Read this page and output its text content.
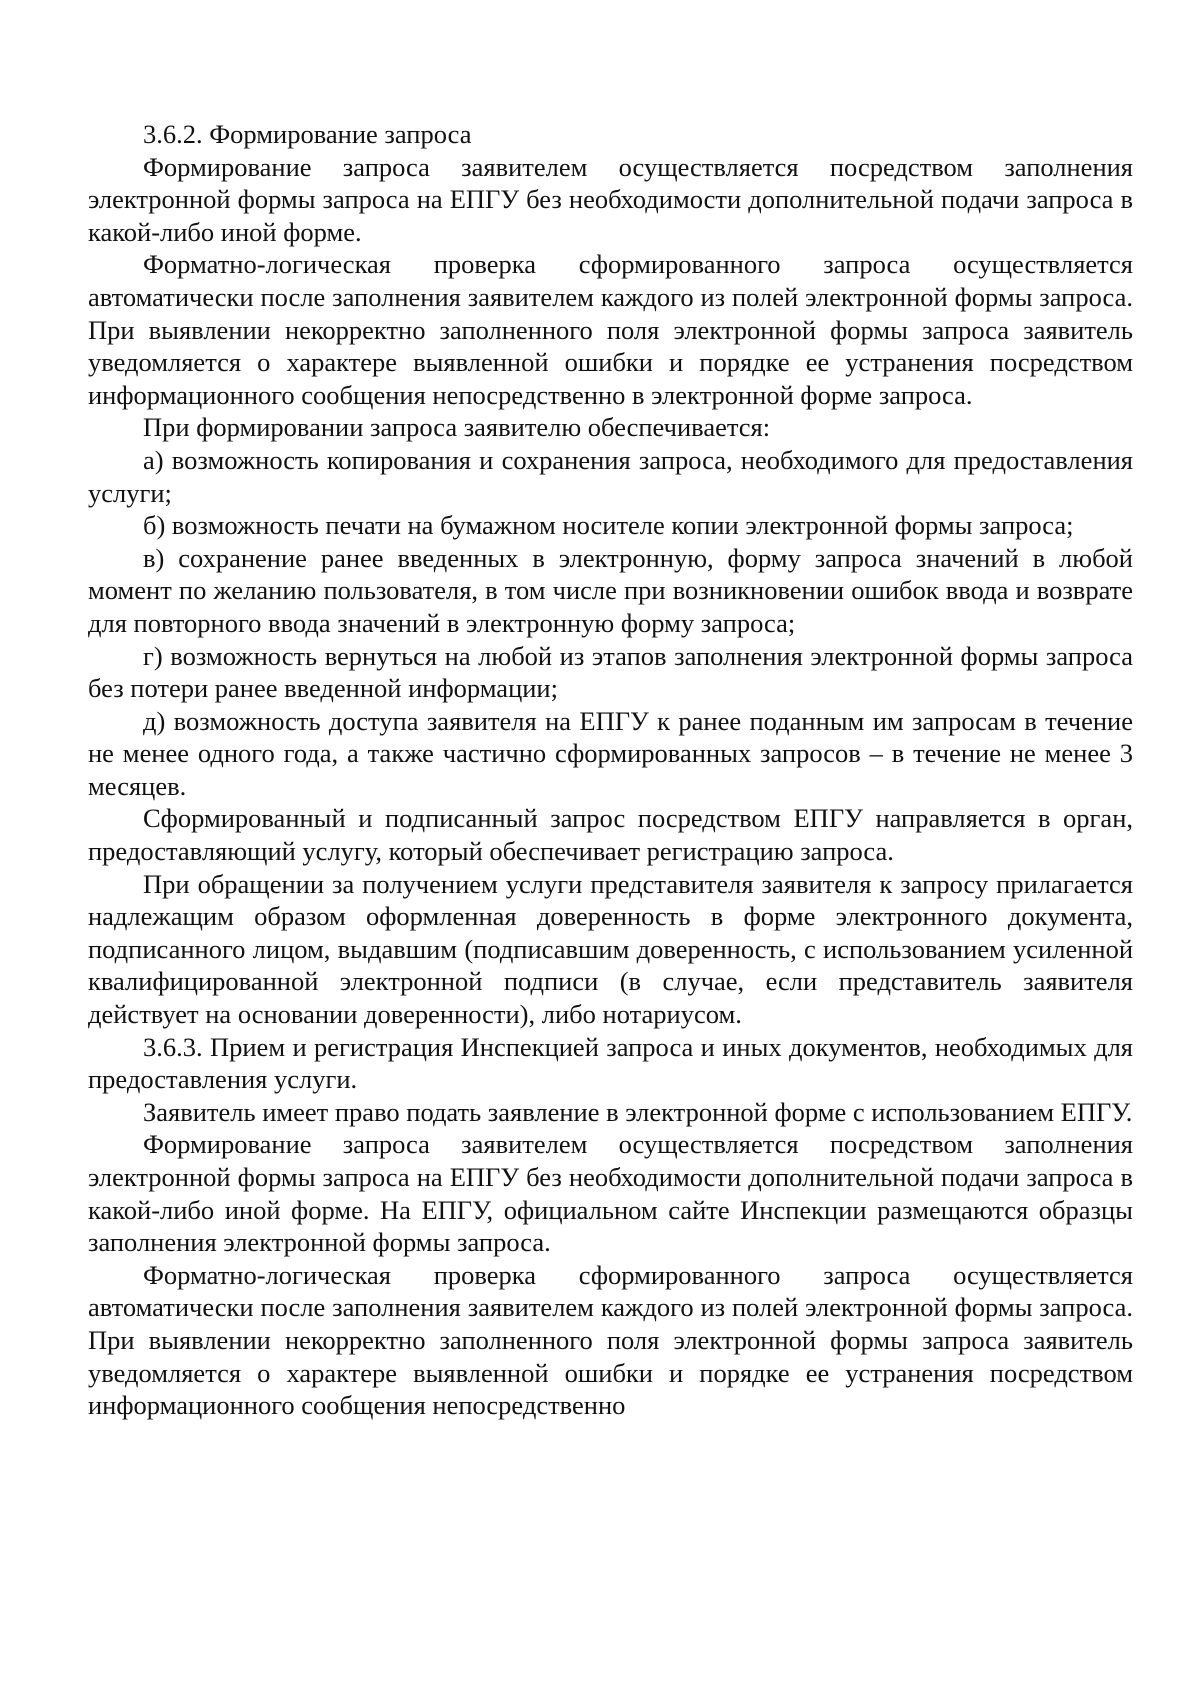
3.6.2. Формирование запроса

Формирование запроса заявителем осуществляется посредством заполнения электронной формы запроса на ЕПГУ без необходимости дополнительной подачи запроса в какой-либо иной форме.

Форматно-логическая проверка сформированного запроса осуществляется автоматически после заполнения заявителем каждого из полей электронной формы запроса. При выявлении некорректно заполненного поля электронной формы запроса заявитель уведомляется о характере выявленной ошибки и порядке ее устранения посредством информационного сообщения непосредственно в электронной форме запроса.

При формировании запроса заявителю обеспечивается:

а) возможность копирования и сохранения запроса, необходимого для предоставления услуги;

б) возможность печати на бумажном носителе копии электронной формы запроса;

в) сохранение ранее введенных в электронную, форму запроса значений в любой момент по желанию пользователя, в том числе при возникновении ошибок ввода и возврате для повторного ввода значений в электронную форму запроса;

г) возможность вернуться на любой из этапов заполнения электронной формы запроса без потери ранее введенной информации;

д) возможность доступа заявителя на ЕПГУ к ранее поданным им запросам в течение не менее одного года, а также частично сформированных запросов – в течение не менее 3 месяцев.

Сформированный и подписанный запрос посредством ЕПГУ направляется в орган, предоставляющий услугу, который обеспечивает регистрацию запроса.

При обращении за получением услуги представителя заявителя к запросу прилагается надлежащим образом оформленная доверенность в форме электронного документа, подписанного лицом, выдавшим (подписавшим доверенность, с использованием усиленной квалифицированной электронной подписи (в случае, если представитель заявителя действует на основании доверенности), либо нотариусом.

3.6.3. Прием и регистрация Инспекцией запроса и иных документов, необходимых для предоставления услуги.

Заявитель имеет право подать заявление в электронной форме с использованием ЕПГУ.

Формирование запроса заявителем осуществляется посредством заполнения электронной формы запроса на ЕПГУ без необходимости дополнительной подачи запроса в какой-либо иной форме. На ЕПГУ, официальном сайте Инспекции размещаются образцы заполнения электронной формы запроса.

Форматно-логическая проверка сформированного запроса осуществляется автоматически после заполнения заявителем каждого из полей электронной формы запроса. При выявлении некорректно заполненного поля электронной формы запроса заявитель уведомляется о характере выявленной ошибки и порядке ее устранения посредством информационного сообщения непосредственно
